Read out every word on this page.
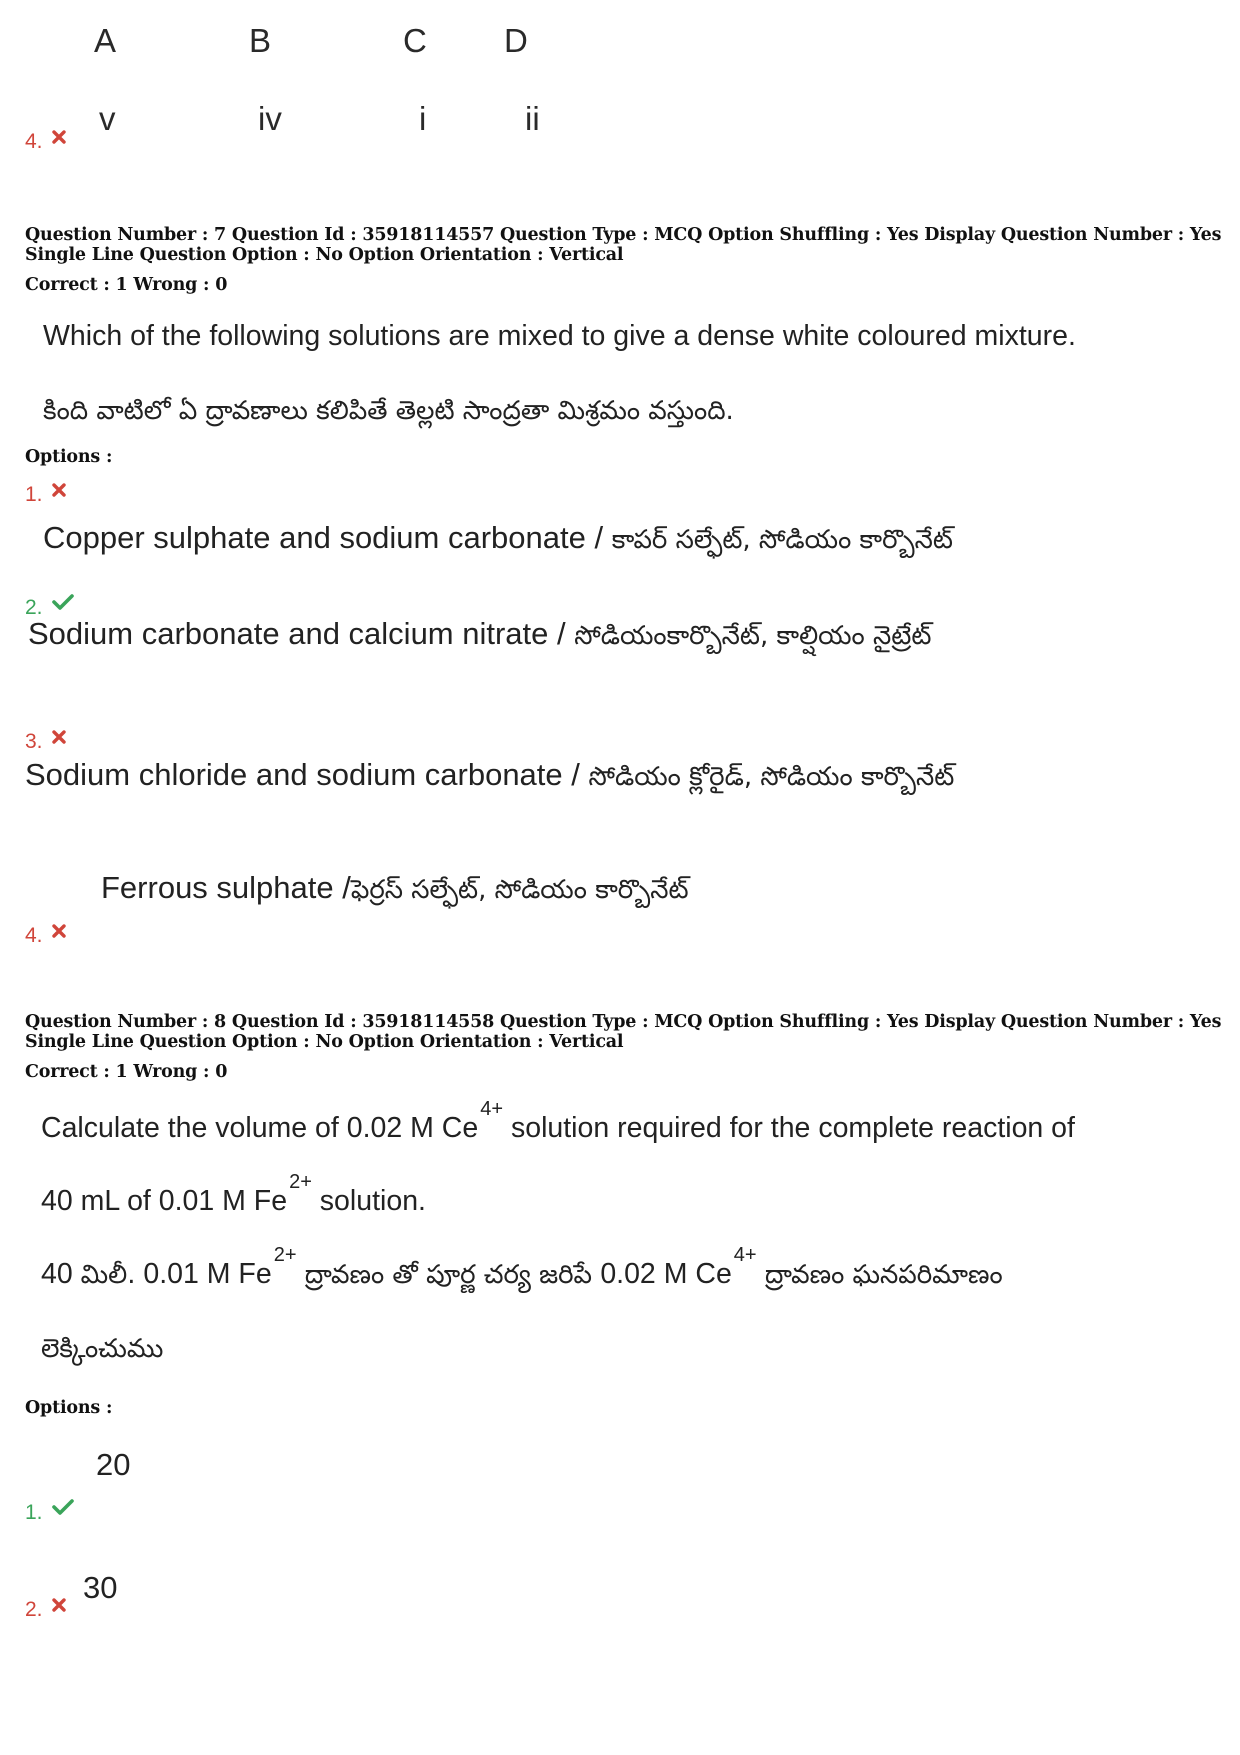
A	B	C D
4.
v	iv	i	ii
Question Number : 7 Question Id : 35918114557 Question Type : MCQ Option Shuffling : Yes Display Question Number : Yes
Single Line Question Option : No Option Orientation : Vertical
Correct : 1 Wrong : 0
Which of the following solutions are mixed to give a dense white coloured mixture.
కింది వాటిలో ఏ ద్రావణాలు కలిపితే తెల్లటి సాంద్రతా మిశ్రమం వస్తుంది.
Options :
1.
Copper sulphate and sodium carbonate / కాపర్ సల్ఫేట్, సోడియం కార్బొనేట్
2.
Sodium carbonate and calcium nitrate / సోడియంకార్బొనేట్, కాల్షియం నైట్రేట్
3.
Sodium chloride and sodium carbonate / సోడియం క్లోరైడ్, సోడియం కార్బొనేట్
Ferrous sulphate /ఫెర్రస్ సల్ఫేట్, సోడియం కార్బొనేట్
4.
Question Number : 8 Question Id : 35918114558 Question Type : MCQ Option Shuffling : Yes Display Question Number : Yes
Single Line Question Option : No Option Orientation : Vertical
Correct : 1 Wrong : 0
Calculate the volume of 0.02 M $Ce^{4+}$ solution required for the complete reaction of
40 mL of 0.01 M $Fe^{2+}$ solution.
40 మిలీ. 0.01 M $Fe^{2+}$ ద్రావణం తో పూర్ణ చర్య జరిపే 0.02 M $Ce^{4+}$ ద్రావణం ఘనపరిమాణం
లెక్కించుము
Options :
20
1.
2.
30
